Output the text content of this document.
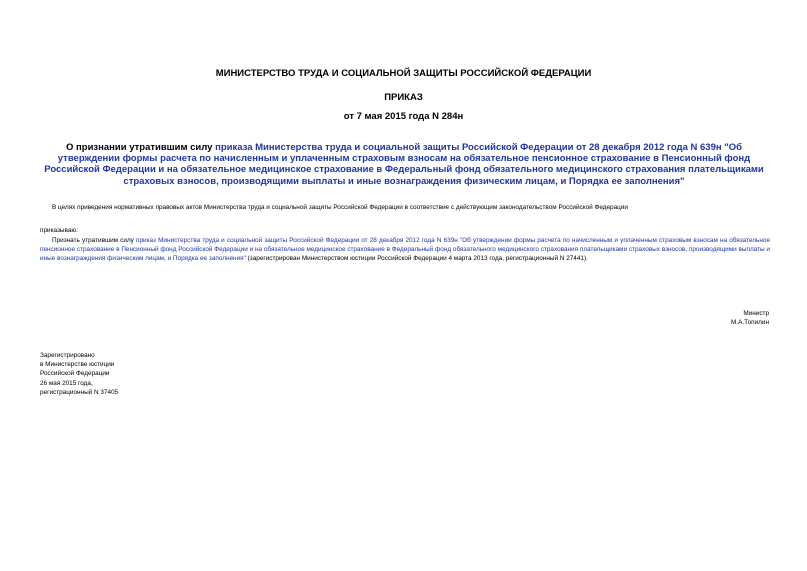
МИНИСТЕРСТВО ТРУДА И СОЦИАЛЬНОЙ ЗАЩИТЫ РОССИЙСКОЙ ФЕДЕРАЦИИ
ПРИКАЗ
от 7 мая 2015 года N 284н
О признании утратившим силу приказа Министерства труда и социальной защиты Российской Федерации от 28 декабря 2012 года N 639н "Об утверждении формы расчета по начисленным и уплаченным страховым взносам на обязательное пенсионное страхование в Пенсионный фонд Российской Федерации и на обязательное медицинское страхование в Федеральный фонд обязательного медицинского страхования плательщиками страховых взносов, производящими выплаты и иные вознаграждения физическим лицам, и Порядка ее заполнения"
В целях приведения нормативных правовых актов Министерства труда и социальной защиты Российской Федерации в соответствие с действующим законодательством Российской Федерации
приказываю:
Признать утратившим силу приказ Министерства труда и социальной защиты Российской Федерации от 28 декабря 2012 года N 639н "Об утверждении формы расчета по начисленным и уплаченным страховым взносам на обязательное пенсионное страхование в Пенсионный фонд Российской Федерации и на обязательное медицинское страхование в Федеральный фонд обязательного медицинского страхования плательщиками страховых взносов, производящими выплаты и иные вознаграждения физическим лицам, и Порядка ее заполнения" (зарегистрирован Министерством юстиции Российской Федерации 4 марта 2013 года, регистрационный N 27441).
Министр
М.А.Топилин
Зарегистрировано
в Министерстве юстиции
Российской Федерации
26 мая 2015 года,
регистрационный N 37405
